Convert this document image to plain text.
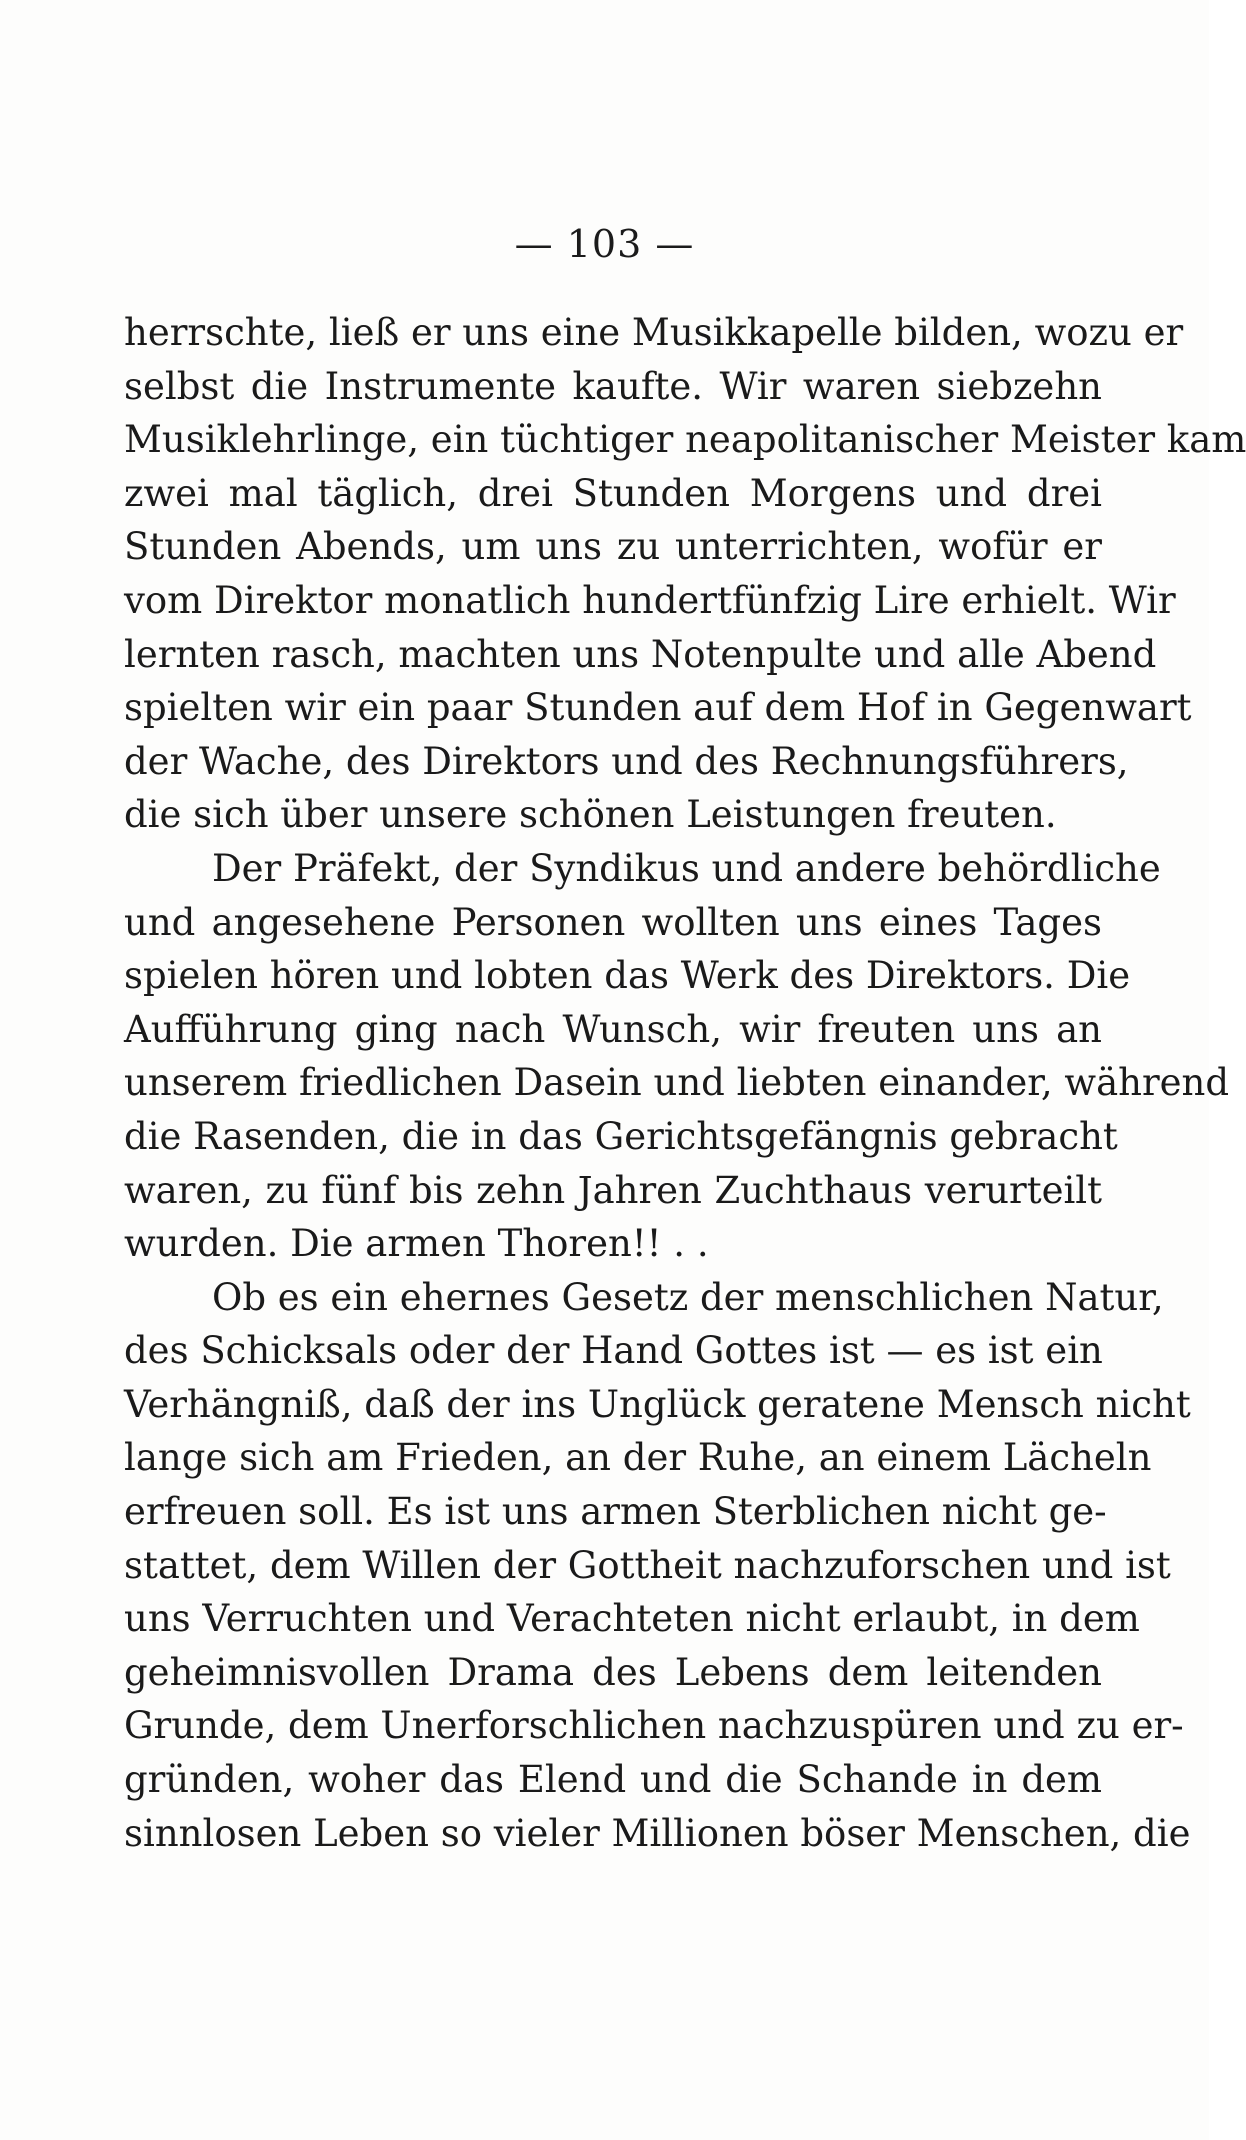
— 103 —
herrschte, ließ er uns eine Musikkapelle bilden, wozu er
selbst die Instrumente kaufte. Wir waren siebzehn
Musiklehrlinge, ein tüchtiger neapolitanischer Meister kam
zwei mal täglich, drei Stunden Morgens und drei
Stunden Abends, um uns zu unterrichten, wofür er
vom Direktor monatlich hundertfünfzig Lire erhielt. Wir
lernten rasch, machten uns Notenpulte und alle Abend
spielten wir ein paar Stunden auf dem Hof in Gegenwart
der Wache, des Direktors und des Rechnungsführers,
die sich über unsere schönen Leistungen freuten.
Der Präfekt, der Syndikus und andere behördliche
und angesehene Personen wollten uns eines Tages
spielen hören und lobten das Werk des Direktors. Die
Aufführung ging nach Wunsch, wir freuten uns an
unserem friedlichen Dasein und liebten einander, während
die Rasenden, die in das Gerichtsgefängnis gebracht
waren, zu fünf bis zehn Jahren Zuchthaus verurteilt
wurden. Die armen Thoren!! . .
Ob es ein ehernes Gesetz der menschlichen Natur,
des Schicksals oder der Hand Gottes ist — es ist ein
Verhängniß, daß der ins Unglück geratene Mensch nicht
lange sich am Frieden, an der Ruhe, an einem Lächeln
erfreuen soll. Es ist uns armen Sterblichen nicht ge-
stattet, dem Willen der Gottheit nachzuforschen und ist
uns Verruchten und Verachteten nicht erlaubt, in dem
geheimnisvollen Drama des Lebens dem leitenden
Grunde, dem Unerforschlichen nachzuspüren und zu er-
gründen, woher das Elend und die Schande in dem
sinnlosen Leben so vieler Millionen böser Menschen, die
